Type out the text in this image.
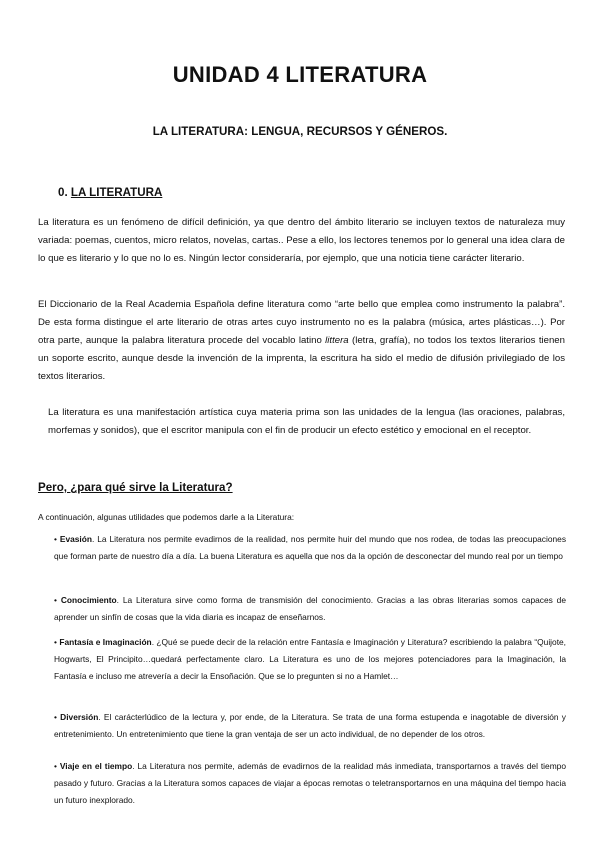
UNIDAD 4 LITERATURA
LA LITERATURA: LENGUA, RECURSOS Y GÉNEROS.
0. LA LITERATURA
La literatura es un fenómeno de difícil definición, ya que dentro del ámbito literario se incluyen textos de naturaleza muy variada: poemas, cuentos, micro relatos, novelas, cartas.. Pese a ello, los lectores tenemos por lo general una idea clara de lo que es literario y lo que no lo es. Ningún lector consideraría, por ejemplo, que una noticia tiene carácter literario.
El Diccionario de la Real Academia Española define literatura como “arte bello que emplea como instrumento la palabra”. De esta forma distingue el arte literario de otras artes cuyo instrumento no es la palabra (música, artes plásticas…). Por otra parte, aunque la palabra literatura procede del vocablo latino littera (letra, grafía), no todos los textos literarios tienen un soporte escrito, aunque desde la invención de la imprenta, la escritura ha sido el medio de difusión privilegiado de los textos literarios.
La literatura es una manifestación artística cuya materia prima son las unidades de la lengua (las oraciones, palabras, morfemas y sonidos), que el escritor manipula con el fin de producir un efecto estético y emocional en el receptor.
Pero, ¿para qué sirve la Literatura?
A continuación, algunas utilidades que podemos darle a la Literatura:
• Evasión. La Literatura nos permite evadirnos de la realidad, nos permite huir del mundo que nos rodea, de todas las preocupaciones que forman parte de nuestro día a día. La buena Literatura es aquella que nos da la opción de desconectar del mundo real por un tiempo
• Conocimiento. La Literatura sirve como forma de transmisión del conocimiento. Gracias a las obras literarias somos capaces de aprender un sinfín de cosas que la vida diaria es incapaz de enseñarnos.
• Fantasía e Imaginación. ¿Qué se puede decir de la relación entre Fantasía e Imaginación y Literatura? escribiendo la palabra “Quijote, Hogwarts, El Principito…quedará perfectamente claro. La Literatura es uno de los mejores potenciadores para la Imaginación, la Fantasía e incluso me atrevería a decir la Ensoñación. Que se lo pregunten si no a Hamlet…
• Diversión. El carácterlúdico de la lectura y, por ende, de la Literatura. Se trata de una forma estupenda e inagotable de diversión y entretenimiento. Un entretenimiento que tiene la gran ventaja de ser un acto individual, de no depender de los otros.
• Viaje en el tiempo. La Literatura nos permite, además de evadirnos de la realidad más inmediata, transportarnos a través del tiempo pasado y futuro. Gracias a la Literatura somos capaces de viajar a épocas remotas o teletransportarnos en una máquina del tiempo hacia un futuro inexplorado.
